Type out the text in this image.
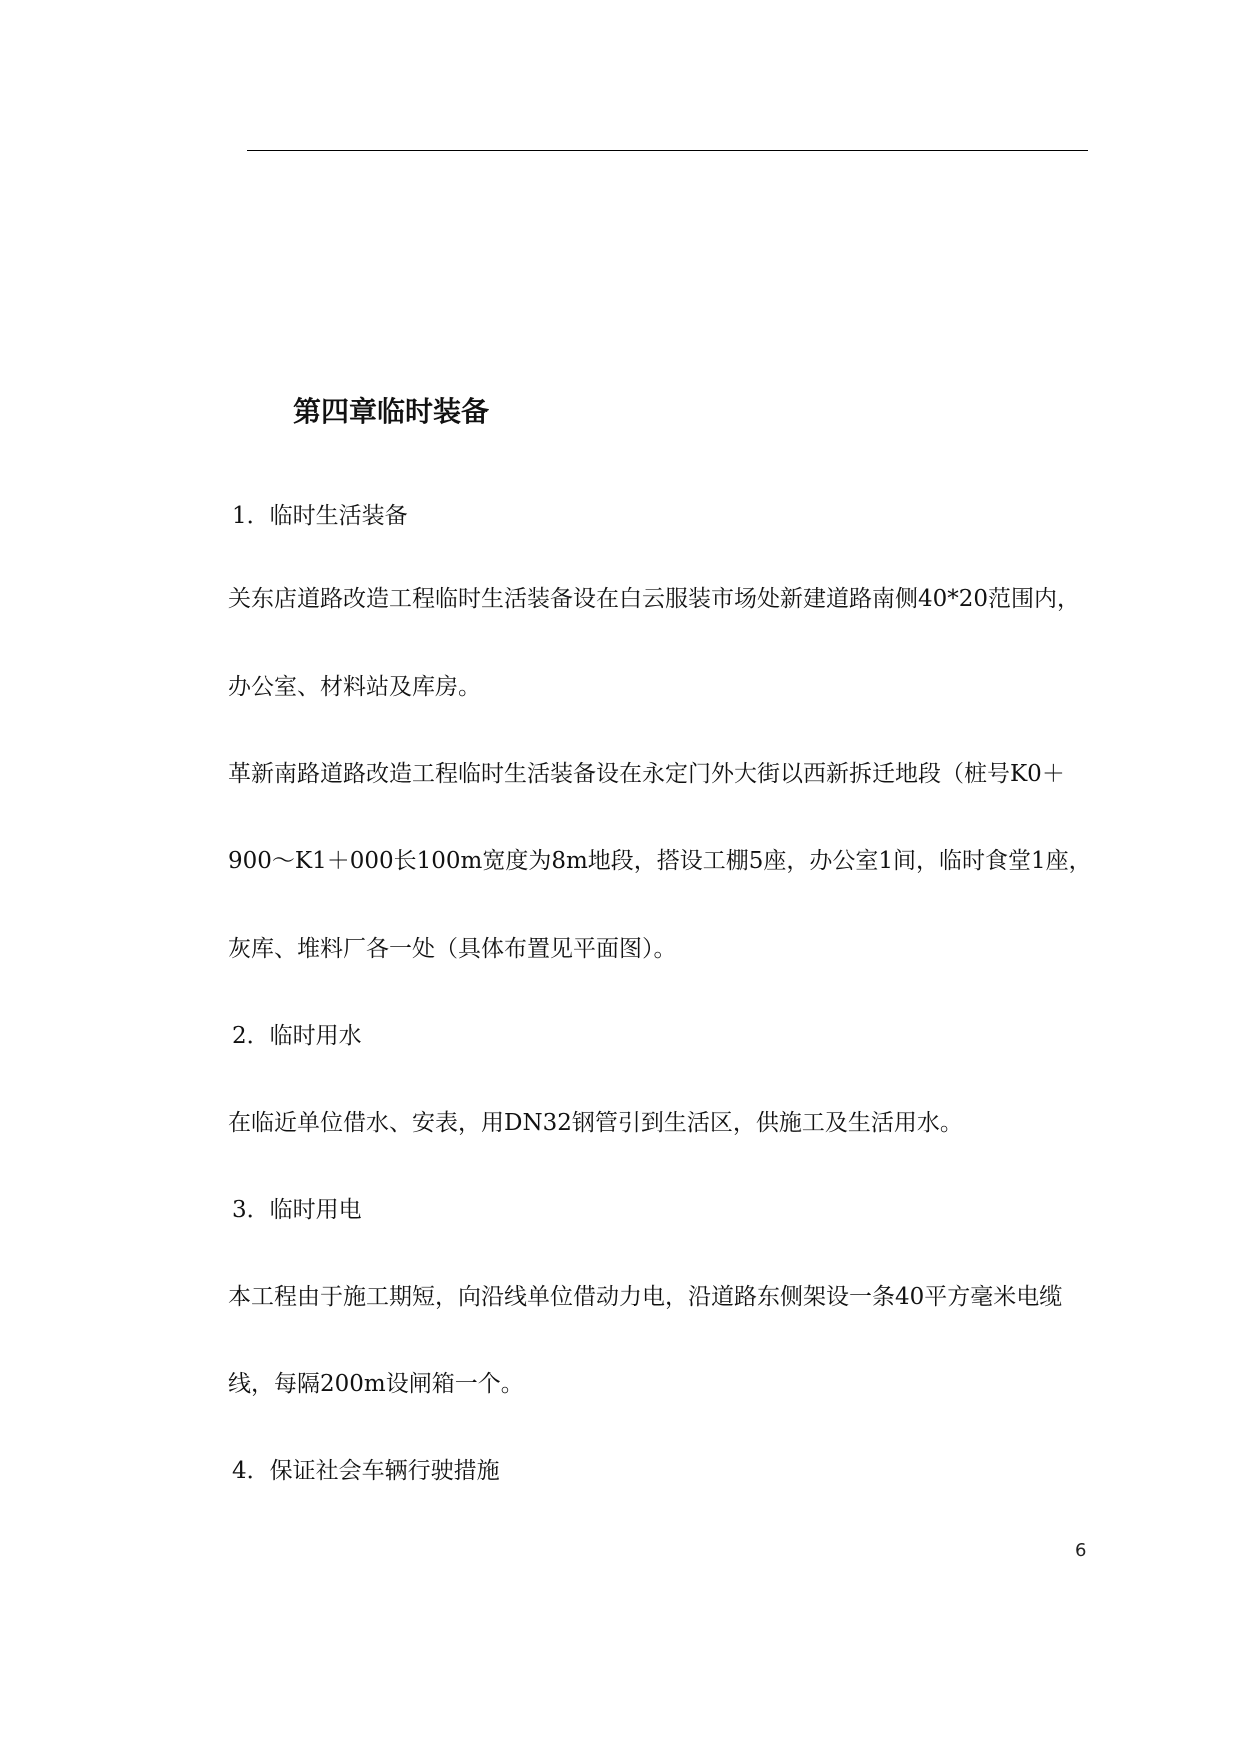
第四章临时装备
1．临时生活装备
关东店道路改造工程临时生活装备设在白云服装市场处新建道路南侧40*20范围内，
办公室、材料站及库房。
革新南路道路改造工程临时生活装备设在永定门外大街以西新拆迁地段（桩号K0＋
900～K1＋000长100m宽度为8m地段，搭设工棚5座，办公室1间，临时食堂1座，
灰库、堆料厂各一处（具体布置见平面图）。
2．临时用水
在临近单位借水、安表，用DN32钢管引到生活区，供施工及生活用水。
3．临时用电
本工程由于施工期短，向沿线单位借动力电，沿道路东侧架设一条40平方毫米电缆
线，每隔200m设闸箱一个。
4．保证社会车辆行驶措施
6
